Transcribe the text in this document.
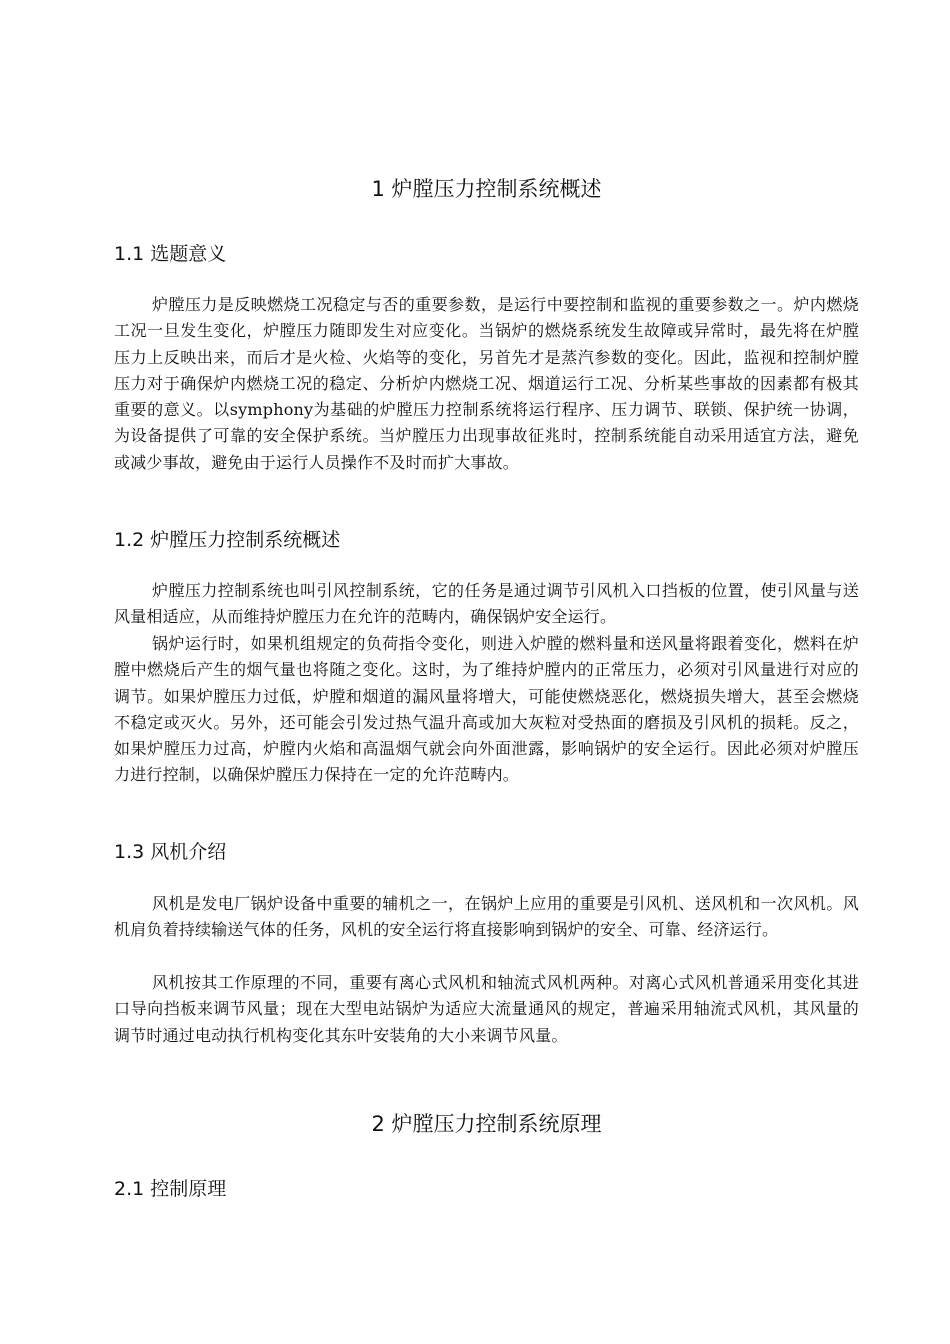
1 炉膛压力控制系统概述
1.1 选题意义

炉膛压力是反映燃烧工况稳定与否的重要参数，是运行中要控制和监视的重要参数之一。炉内燃烧工况一旦发生变化，炉膛压力随即发生对应变化。当锅炉的燃烧系统发生故障或异常时，最先将在炉膛压力上反映出来，而后才是火检、火焰等的变化，另首先才是蒸汽参数的变化。因此，监视和控制炉膛压力对于确保炉内燃烧工况的稳定、分析炉内燃烧工况、烟道运行工况、分析某些事故的因素都有极其重要的意义。以symphony为基础的炉膛压力控制系统将运行程序、压力调节、联锁、保护统一协调，为设备提供了可靠的安全保护系统。当炉膛压力出现事故征兆时，控制系统能自动采用适宜方法，避免或减少事故，避免由于运行人员操作不及时而扩大事故。

1.2 炉膛压力控制系统概述

炉膛压力控制系统也叫引风控制系统，它的任务是通过调节引风机入口挡板的位置，使引风量与送风量相适应，从而维持炉膛压力在允许的范畴内，确保锅炉安全运行。

锅炉运行时，如果机组规定的负荷指令变化，则进入炉膛的燃料量和送风量将跟着变化，燃料在炉膛中燃烧后产生的烟气量也将随之变化。这时，为了维持炉膛内的正常压力，必须对引风量进行对应的调节。如果炉膛压力过低，炉膛和烟道的漏风量将增大，可能使燃烧恶化，燃烧损失增大，甚至会燃烧不稳定或灭火。另外，还可能会引发过热气温升高或加大灰粒对受热面的磨损及引风机的损耗。反之，如果炉膛压力过高，炉膛内火焰和高温烟气就会向外面泄露，影响锅炉的安全运行。因此必须对炉膛压力进行控制，以确保炉膛压力保持在一定的允许范畴内。

1.3 风机介绍

风机是发电厂锅炉设备中重要的辅机之一，在锅炉上应用的重要是引风机、送风机和一次风机。风机肩负着持续输送气体的任务，风机的安全运行将直接影响到锅炉的安全、可靠、经济运行。

风机按其工作原理的不同，重要有离心式风机和轴流式风机两种。对离心式风机普通采用变化其进口导向挡板来调节风量；现在大型电站锅炉为适应大流量通风的规定，普遍采用轴流式风机，其风量的调节时通过电动执行机构变化其东叶安装角的大小来调节风量。

2 炉膛压力控制系统原理
2.1 控制原理
